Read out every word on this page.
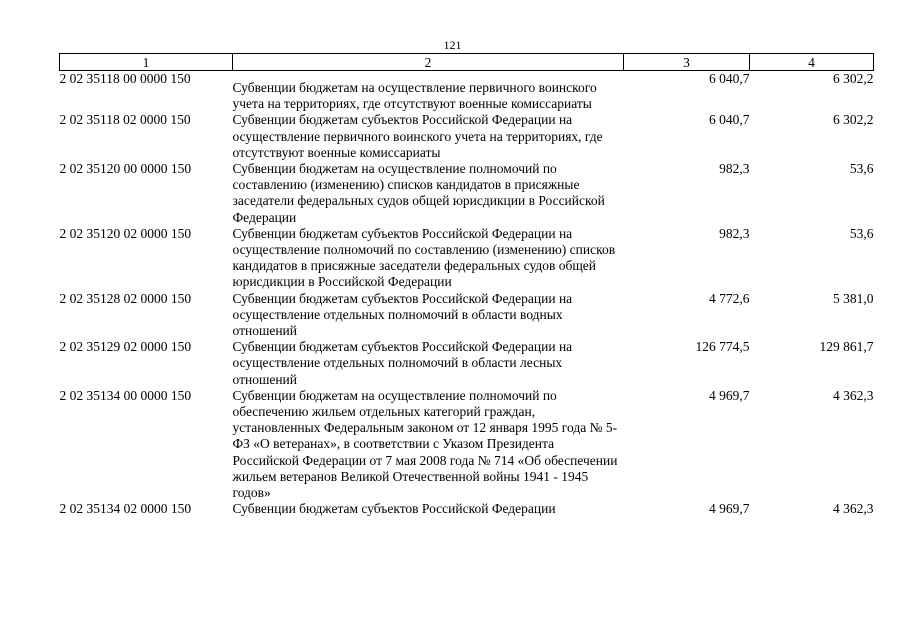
121
1	2	3	4
2 02 35118 00 0000 150	Субвенции бюджетам на осуществление первичного воинского учета на территориях, где отсутствуют военные комиссариаты	6 040,7	6 302,2
2 02 35118 02 0000 150	Субвенции бюджетам субъектов Российской Федерации на осуществление первичного воинского учета на территориях, где отсутствуют военные комиссариаты	6 040,7	6 302,2
2 02 35120 00 0000 150	Субвенции бюджетам на осуществление полномочий по составлению (изменению) списков кандидатов в присяжные заседатели федеральных судов общей юрисдикции в Российской Федерации	982,3	53,6
2 02 35120 02 0000 150	Субвенции бюджетам субъектов Российской Федерации на осуществление полномочий по составлению (изменению) списков кандидатов в присяжные заседатели федеральных судов общей юрисдикции в Российской Федерации	982,3	53,6
2 02 35128 02 0000 150	Субвенции бюджетам субъектов Российской Федерации на осуществление отдельных полномочий в области водных отношений	4 772,6	5 381,0
2 02 35129 02 0000 150	Субвенции бюджетам субъектов Российской Федерации на осуществление отдельных полномочий в области лесных отношений	126 774,5	129 861,7
2 02 35134 00 0000 150	Субвенции бюджетам на осуществление полномочий по обеспечению жильем отдельных категорий граждан, установленных Федеральным законом от 12 января 1995 года № 5-ФЗ «О ветеранах», в соответствии с Указом Президента Российской Федерации от 7 мая 2008 года № 714 «Об обеспечении жильем ветеранов Великой Отечественной войны 1941 - 1945 годов»	4 969,7	4 362,3
2 02 35134 02 0000 150	Субвенции бюджетам субъектов Российской Федерации	4 969,7	4 362,3
